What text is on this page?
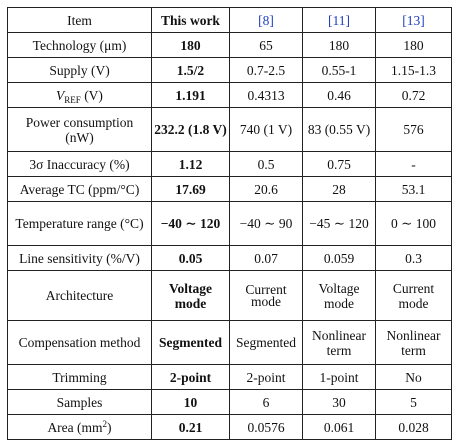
Item	This work	[8]	[11]	[13]
Technology (μm)	180	65	180	180
Supply (V)	1.5/2	0.7-2.5	0.55-1	1.15-1.3
$V_{REF}$ (V)	1.191	0.4313	0.46	0.72
Power consumption (nW)	232.2 (1.8 V)	740 (1 V)	83 (0.55 V)	576
3σ Inaccuracy (%)	1.12	0.5	0.75	-
Average TC (ppm/°C)	17.69	20.6	28	53.1
Temperature range (°C)	−40 ∼ 120	−40 ∼ 90	−45 ∼ 120	0 ∼ 100
Line sensitivity (%/V)	0.05	0.07	0.059	0.3
Architecture	Voltage mode	Current mode	Voltage mode	Current mode
Compensation method	Segmented	Segmented	Nonlinear term	Nonlinear term
Trimming	2-point	2-point	1-point	No
Samples	10	6	30	5
Area $(mm^2)$	0.21	0.0576	0.061	0.028
